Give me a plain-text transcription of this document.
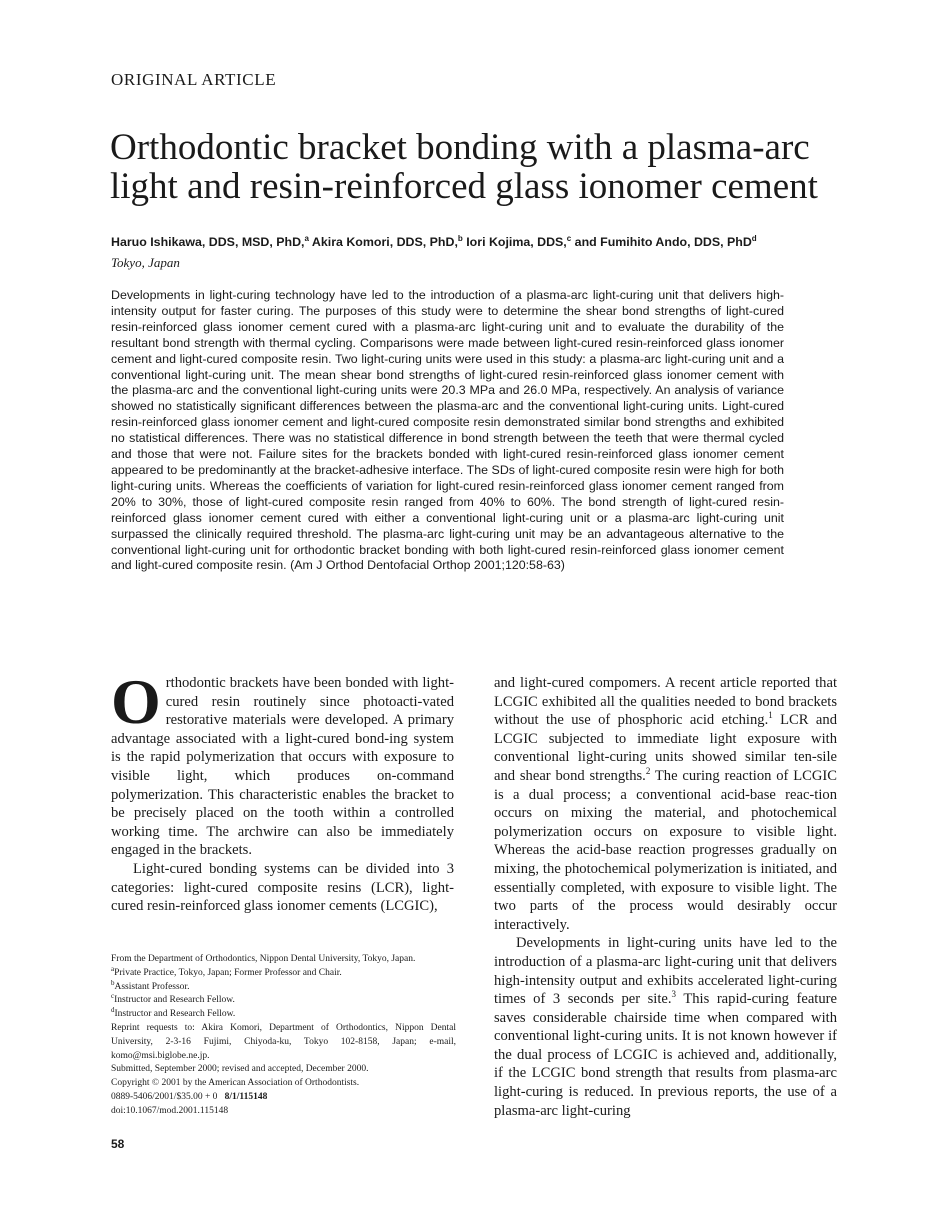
ORIGINAL ARTICLE
Orthodontic bracket bonding with a plasma-arc light and resin-reinforced glass ionomer cement
Haruo Ishikawa, DDS, MSD, PhD,$^a$ Akira Komori, DDS, PhD,$^b$ Iori Kojima, DDS,$^c$ and Fumihito Ando, DDS, PhD$^d$
Tokyo, Japan

Developments in light-curing technology have led to the introduction of a plasma-arc light-curing unit that delivers high-intensity output for faster curing. The purposes of this study were to determine the shear bond strengths of light-cured resin-reinforced glass ionomer cement cured with a plasma-arc light-curing unit and to evaluate the durability of the resultant bond strength with thermal cycling. Comparisons were made between light-cured resin-reinforced glass ionomer cement and light-cured composite resin. Two light-curing units were used in this study: a plasma-arc light-curing unit and a conventional light-curing unit. The mean shear bond strengths of light-cured resin-reinforced glass ionomer cement with the plasma-arc and the conventional light-curing units were 20.3 MPa and 26.0 MPa, respectively. An analysis of variance showed no statistically significant differences between the plasma-arc and the conventional light-curing units. Light-cured resin-reinforced glass ionomer cement and light-cured composite resin demonstrated similar bond strengths and exhibited no statistical differences. There was no statistical difference in bond strength between the teeth that were thermal cycled and those that were not. Failure sites for the brackets bonded with light-cured resin-reinforced glass ionomer cement appeared to be predominantly at the bracket-adhesive interface. The SDs of light-cured composite resin were high for both light-curing units. Whereas the coefficients of variation for light-cured resin-reinforced glass ionomer cement ranged from 20% to 30%, those of light-cured composite resin ranged from 40% to 60%. The bond strength of light-cured resin-reinforced glass ionomer cement cured with either a conventional light-curing unit or a plasma-arc light-curing unit surpassed the clinically required threshold. The plasma-arc light-curing unit may be an advantageous alternative to the conventional light-curing unit for orthodontic bracket bonding with both light-cured resin-reinforced glass ionomer cement and light-cured composite resin. (Am J Orthod Dentofacial Orthop 2001;120:58-63)

Orthodontic brackets have been bonded with light-cured resin routinely since photoacti-vated restorative materials were developed. A primary advantage associated with a light-cured bond-ing system is the rapid polymerization that occurs with exposure to visible light, which produces on-command polymerization. This characteristic enables the bracket to be precisely placed on the tooth within a controlled working time. The archwire can also be immediately engaged in the brackets.

Light-cured bonding systems can be divided into 3 categories: light-cured composite resins (LCR), light-cured resin-reinforced glass ionomer cements (LCGIC),

and light-cured compomers. A recent article reported that LCGIC exhibited all the qualities needed to bond brackets without the use of phosphoric acid etching.$^1$ LCR and LCGIC subjected to immediate light exposure with conventional light-curing units showed similar ten-sile and shear bond strengths.$^2$ The curing reaction of LCGIC is a dual process; a conventional acid-base reac-tion occurs on mixing the material, and photochemical polymerization occurs on exposure to visible light. Whereas the acid-base reaction progresses gradually on mixing, the photochemical polymerization is initiated, and essentially completed, with exposure to visible light. The two parts of the process would desirably occur interactively.

Developments in light-curing units have led to the introduction of a plasma-arc light-curing unit that delivers high-intensity output and exhibits accelerated light-curing times of 3 seconds per site.$^3$ This rapid-curing feature saves considerable chairside time when compared with conventional light-curing units. It is not known however if the dual process of LCGIC is achieved and, additionally, if the LCGIC bond strength that results from plasma-arc light-curing is reduced. In previous reports, the use of a plasma-arc light-curing

From the Department of Orthodontics, Nippon Dental University, Tokyo, Japan.
$^a$Private Practice, Tokyo, Japan; Former Professor and Chair.
$^b$Assistant Professor.
$^c$Instructor and Research Fellow.
$^d$Instructor and Research Fellow.
Reprint requests to: Akira Komori, Department of Orthodontics, Nippon Dental University, 2-3-16 Fujimi, Chiyoda-ku, Tokyo 102-8158, Japan; e-mail, komo@msi.biglobe.ne.jp.
Submitted, September 2000; revised and accepted, December 2000.
Copyright © 2001 by the American Association of Orthodontists.
0889-5406/2001/$35.00 + 0 8/1/115148
doi:10.1067/mod.2001.115148
58
